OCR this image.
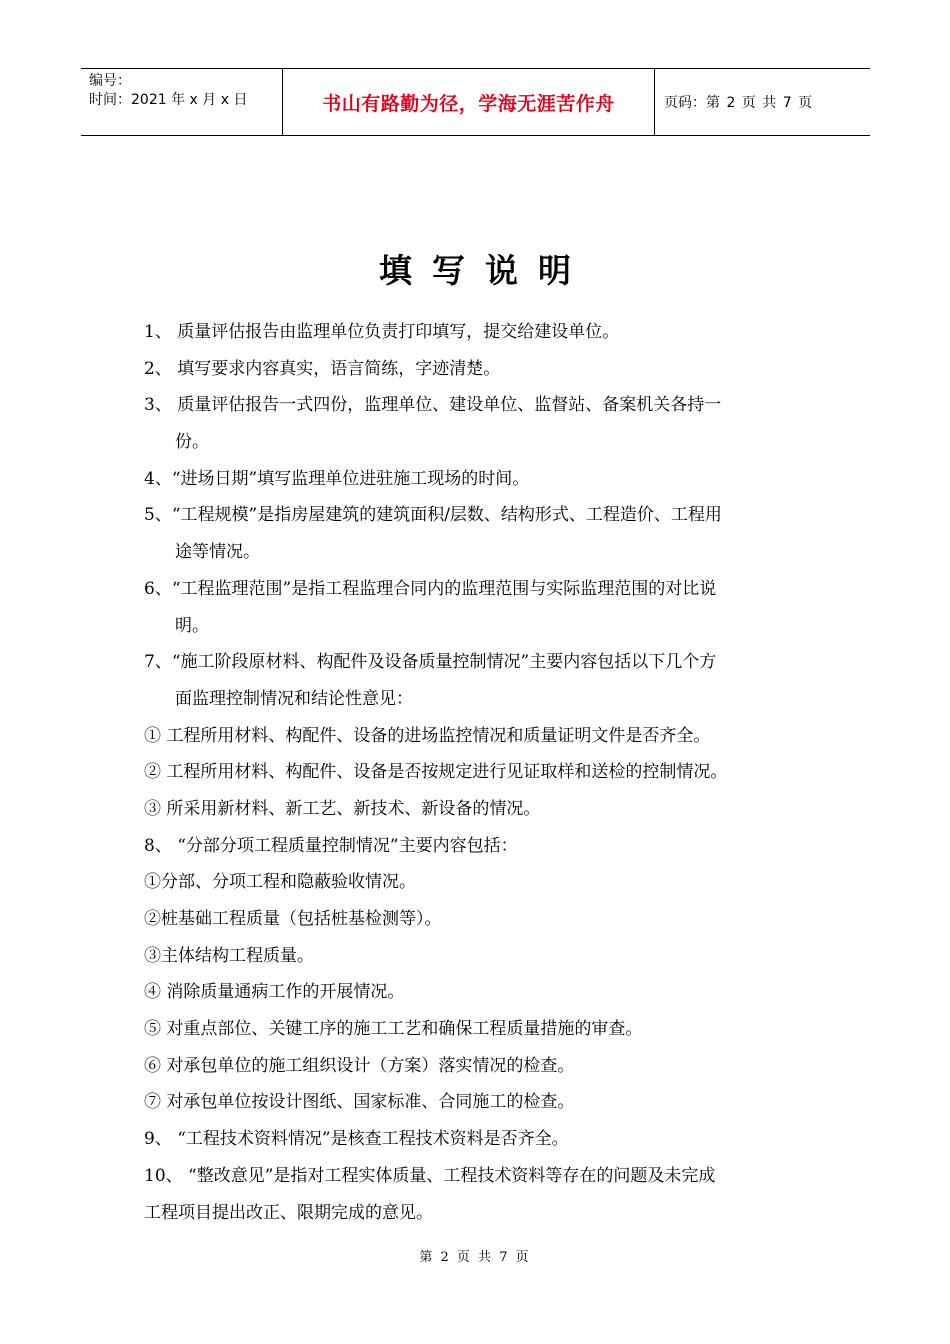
编号：
时间：2021 年 x 月 x 日	书山有路勤为径，学海无涯苦作舟	页码：第 2 页 共 7 页
填写说明
1、 质量评估报告由监理单位负责打印填写，提交给建设单位。
2、 填写要求内容真实，语言简练，字迹清楚。
3、 质量评估报告一式四份，监理单位、建设单位、监督站、备案机关各持一
份。
4、“进场日期”填写监理单位进驻施工现场的时间。
5、“工程规模”是指房屋建筑的建筑面积/层数、结构形式、工程造价、工程用
途等情况。
6、“工程监理范围”是指工程监理合同内的监理范围与实际监理范围的对比说
明。
7、“施工阶段原材料、构配件及设备质量控制情况”主要内容包括以下几个方
面监理控制情况和结论性意见：
① 工程所用材料、构配件、设备的进场监控情况和质量证明文件是否齐全。
② 工程所用材料、构配件、设备是否按规定进行见证取样和送检的控制情况。
③ 所采用新材料、新工艺、新技术、新设备的情况。
8、 “分部分项工程质量控制情况”主要内容包括：
①分部、分项工程和隐蔽验收情况。
②桩基础工程质量（包括桩基检测等）。
③主体结构工程质量。
④ 消除质量通病工作的开展情况。
⑤ 对重点部位、关键工序的施工工艺和确保工程质量措施的审查。
⑥ 对承包单位的施工组织设计（方案）落实情况的检查。
⑦ 对承包单位按设计图纸、国家标准、合同施工的检查。
9、 “工程技术资料情况”是核查工程技术资料是否齐全。
10、 “整改意见”是指对工程实体质量、工程技术资料等存在的问题及未完成
工程项目提出改正、限期完成的意见。
第 2 页 共 7 页
